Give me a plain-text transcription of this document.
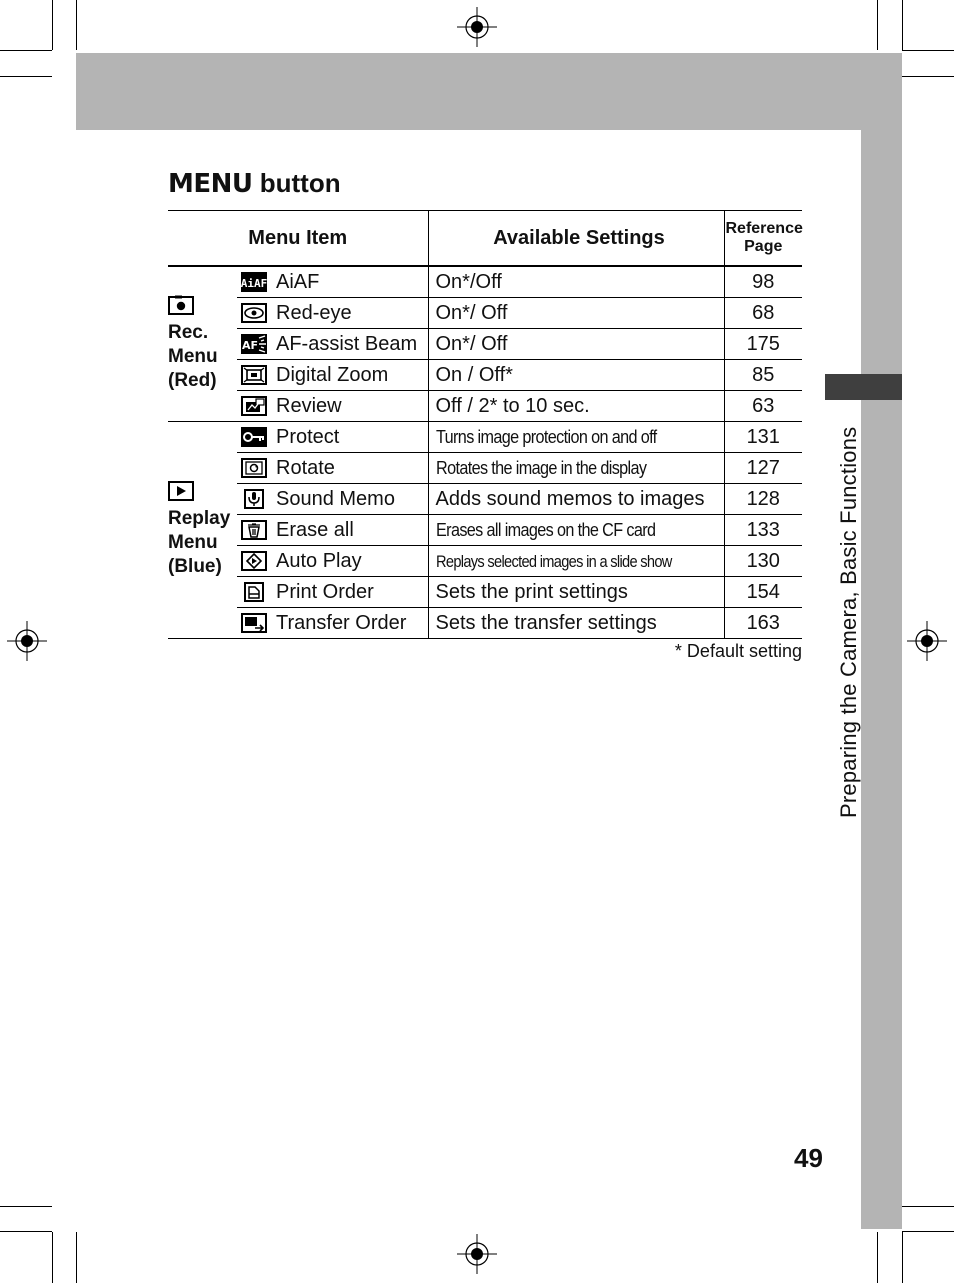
Preparing the Camera, Basic Functions
MENU button
Menu Item		Available Settings	Reference
Page

Rec.
Menu
(Red)	AiAF AiAF	On*/Off	98
	Red-eye	On*/ Off	68

AF AF-assist Beam	On*/ Off	175
	Digital Zoom	On / Off*	85
	Review	Off / 2* to 10 sec.	63

Replay
Menu
(Blue)	Protect	Turns image protection on and off	131
	Rotate	Rotates the image in the display	127
	Sound Memo	Adds sound memos to images	128
	Erase all	Erases all images on the CF card	133
	Auto Play	Replays selected images in a slide show	130
	Print Order	Sets the print settings	154
	Transfer Order	Sets the transfer settings	163
* Default setting
49
